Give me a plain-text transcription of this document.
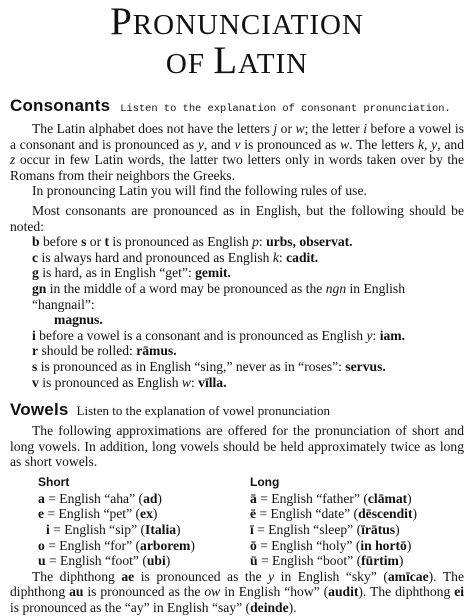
PRONUNCIATION
OF LATIN
Consonants Listen to the explanation of consonant pronunciation.

The Latin alphabet does not have the letters j or w; the letter i before a vowel is a consonant and is pronounced as y, and v is pronounced as w. The letters k, y, and z occur in few Latin words, the latter two letters only in words taken over by the Romans from their neighbors the Greeks.

In pronouncing Latin you will find the following rules of use.

Most consonants are pronounced as in English, but the following should be noted:

b before s or t is pronounced as English p: urbs, observat.
c is always hard and pronounced as English k: cadit.
g is hard, as in English “get”: gemit.
gn in the middle of a word may be pronounced as the ngn in English “hangnail”:
magnus.
i before a vowel is a consonant and is pronounced as English y: iam.
r should be rolled: rāmus.
s is pronounced as in English “sing,” never as in “roses”: servus.
v is pronounced as English w: vīlla.
Vowels Listen to the explanation of vowel pronunciation

The following approximations are offered for the pronunciation of short and long vowels. In addition, long vowels should be held approximately twice as long as short vowels.

Short
a = English “aha” (ad)
e = English “pet” (ex)
i = English “sip” (Italia)
o = English “for” (arborem)
u = English “foot” (ubi)
Long
ā = English “father” (clāmat)
ē = English “date” (dēscendit)
ī = English “sleep” (īrātus)
ō = English “holy” (in hortō)
ū = English “boot” (fūrtim)

The diphthong ae is pronounced as the y in English “sky” (amīcae). The diphthong au is pronounced as the ow in English “how” (audit). The diphthong ei is pronounced as the “ay” in English “say” (deinde).
